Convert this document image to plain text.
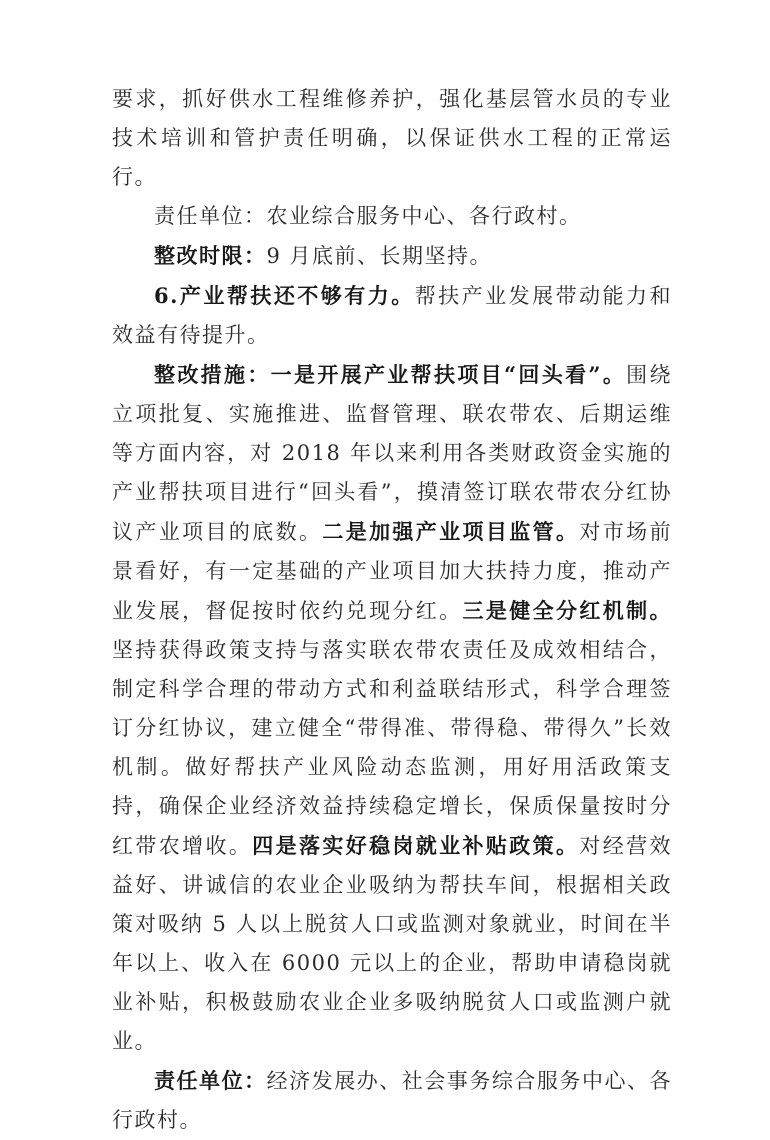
要求，抓好供水工程维修养护，强化基层管水员的专业技术培训和管护责任明确，以保证供水工程的正常运行。

责任单位：农业综合服务中心、各行政村。

整改时限：9 月底前、长期坚持。

6.产业帮扶还不够有力。帮扶产业发展带动能力和效益有待提升。

整改措施：一是开展产业帮扶项目“回头看”。围绕立项批复、实施推进、监督管理、联农带农、后期运维等方面内容，对 2018 年以来利用各类财政资金实施的产业帮扶项目进行“回头看”，摸清签订联农带农分红协议产业项目的底数。二是加强产业项目监管。对市场前景看好，有一定基础的产业项目加大扶持力度，推动产业发展，督促按时依约兑现分红。三是健全分红机制。坚持获得政策支持与落实联农带农责任及成效相结合，制定科学合理的带动方式和利益联结形式，科学合理签订分红协议，建立健全“带得准、带得稳、带得久”长效机制。做好帮扶产业风险动态监测，用好用活政策支持，确保企业经济效益持续稳定增长，保质保量按时分红带农增收。四是落实好稳岗就业补贴政策。对经营效益好、讲诚信的农业企业吸纳为帮扶车间，根据相关政策对吸纳 5 人以上脱贫人口或监测对象就业，时间在半年以上、收入在 6000 元以上的企业，帮助申请稳岗就业补贴，积极鼓励农业企业多吸纳脱贫人口或监测户就业。

责任单位：经济发展办、社会事务综合服务中心、各行政村。
